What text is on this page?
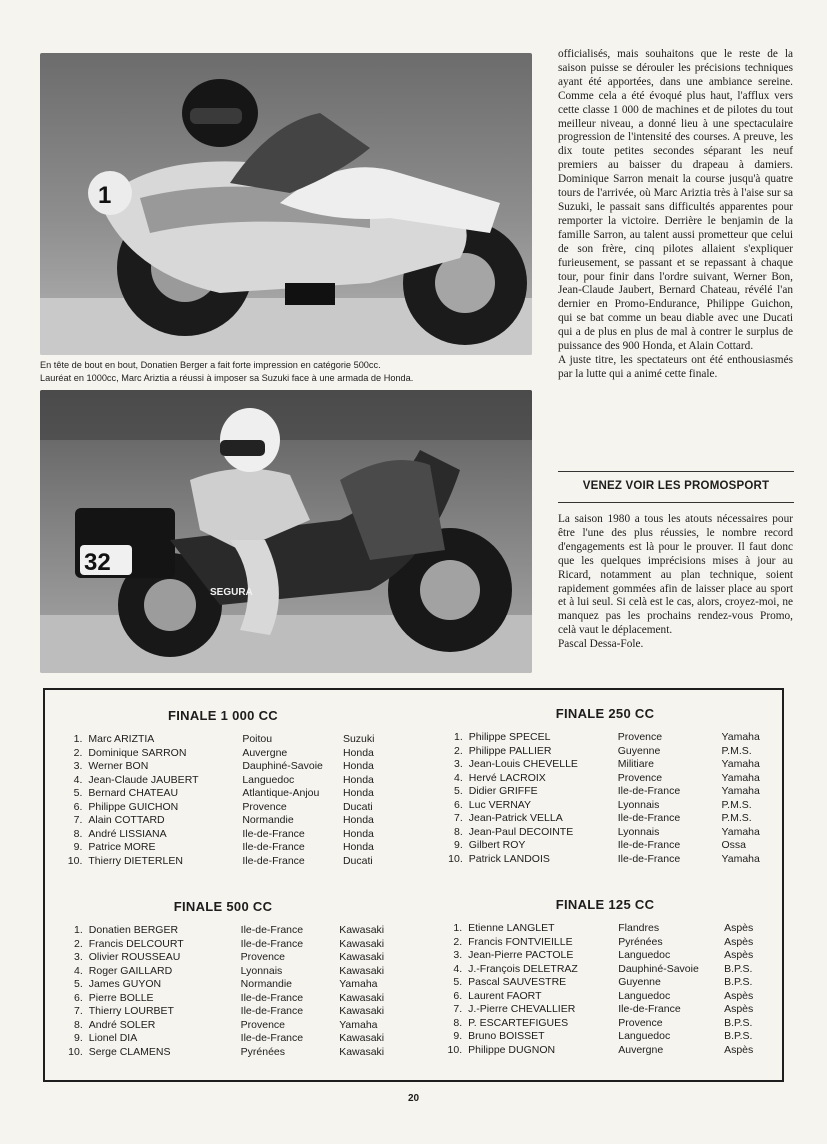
1
En tête de bout en bout, Donatien Berger a fait forte impression en catégorie 500cc.
Lauréat en 1000cc, Marc Ariztia a réussi à imposer sa Suzuki face à une armada de Honda.
32
SEGURA
officialisés, mais souhaitons que le reste de la saison puisse se dérouler les précisions techniques ayant été apportées, dans une ambiance sereine. Comme cela a été évoqué plus haut, l'afflux vers cette classe 1 000 de machines et de pilotes du tout meilleur niveau, a donné lieu à une spectaculaire progression de l'intensité des courses. A preuve, les dix toute petites secondes séparant les neuf premiers au baisser du drapeau à damiers. Dominique Sarron menait la course jusqu'à quatre tours de l'arrivée, où Marc Ariztia très à l'aise sur sa Suzuki, le passait sans difficultés apparentes pour remporter la victoire. Derrière le benjamin de la famille Sarron, au talent aussi prometteur que celui de son frère, cinq pilotes allaient s'expliquer furieusement, se passant et se repassant à chaque tour, pour finir dans l'ordre suivant, Werner Bon, Jean-Claude Jaubert, Bernard Chateau, révélé l'an dernier en Promo-Endurance, Philippe Guichon, qui se bat comme un beau diable avec une Ducati qui a de plus en plus de mal à contrer le surplus de puissance des 900 Honda, et Alain Cottard.
A juste titre, les spectateurs ont été enthousiasmés par la lutte qui a animé cette finale.
VENEZ VOIR LES PROMOSPORT
La saison 1980 a tous les atouts nécessaires pour être l'une des plus réussies, le nombre record d'engagements est là pour le prouver. Il faut donc que les quelques imprécisions mises à jour au Ricard, notamment au plan technique, soient rapidement gommées afin de laisser place au sport et à lui seul. Si celà est le cas, alors, croyez-moi, ne manquez pas les prochains rendez-vous Promo, celà vaut le déplacement.
Pascal Dessa-Fole.
FINALE 1 000 CC
1.	Marc ARIZTIA	Poitou	Suzuki
2.	Dominique SARRON	Auvergne	Honda
3.	Werner BON	Dauphiné-Savoie	Honda
4.	Jean-Claude JAUBERT	Languedoc	Honda
5.	Bernard CHATEAU	Atlantique-Anjou	Honda
6.	Philippe GUICHON	Provence	Ducati
7.	Alain COTTARD	Normandie	Honda
8.	André LISSIANA	Ile-de-France	Honda
9.	Patrice MORE	Ile-de-France	Honda
10.	Thierry DIETERLEN	Ile-de-France	Ducati
FINALE 250 CC
1.	Philippe SPECEL	Provence	Yamaha
2.	Philippe PALLIER	Guyenne	P.M.S.
3.	Jean-Louis CHEVELLE	Militiare	Yamaha
4.	Hervé LACROIX	Provence	Yamaha
5.	Didier GRIFFE	Ile-de-France	Yamaha
6.	Luc VERNAY	Lyonnais	P.M.S.
7.	Jean-Patrick VELLA	Ile-de-France	P.M.S.
8.	Jean-Paul DECOINTE	Lyonnais	Yamaha
9.	Gilbert ROY	Ile-de-France	Ossa
10.	Patrick LANDOIS	Ile-de-France	Yamaha
FINALE 500 CC
1.	Donatien BERGER	Ile-de-France	Kawasaki
2.	Francis DELCOURT	Ile-de-France	Kawasaki
3.	Olivier ROUSSEAU	Provence	Kawasaki
4.	Roger GAILLARD	Lyonnais	Kawasaki
5.	James GUYON	Normandie	Yamaha
6.	Pierre BOLLE	Ile-de-France	Kawasaki
7.	Thierry LOURBET	Ile-de-France	Kawasaki
8.	André SOLER	Provence	Yamaha
9.	Lionel DIA	Ile-de-France	Kawasaki
10.	Serge CLAMENS	Pyrénées	Kawasaki
FINALE 125 CC
1.	Etienne LANGLET	Flandres	Aspès
2.	Francis FONTVIEILLE	Pyrénées	Aspès
3.	Jean-Pierre PACTOLE	Languedoc	Aspès
4.	J.-François DELETRAZ	Dauphiné-Savoie	B.P.S.
5.	Pascal SAUVESTRE	Guyenne	B.P.S.
6.	Laurent FAORT	Languedoc	Aspès
7.	J.-Pierre CHEVALLIER	Ile-de-France	Aspès
8.	P. ESCARTEFIGUES	Provence	B.P.S.
9.	Bruno BOISSET	Languedoc	B.P.S.
10.	Philippe DUGNON	Auvergne	Aspès
20
